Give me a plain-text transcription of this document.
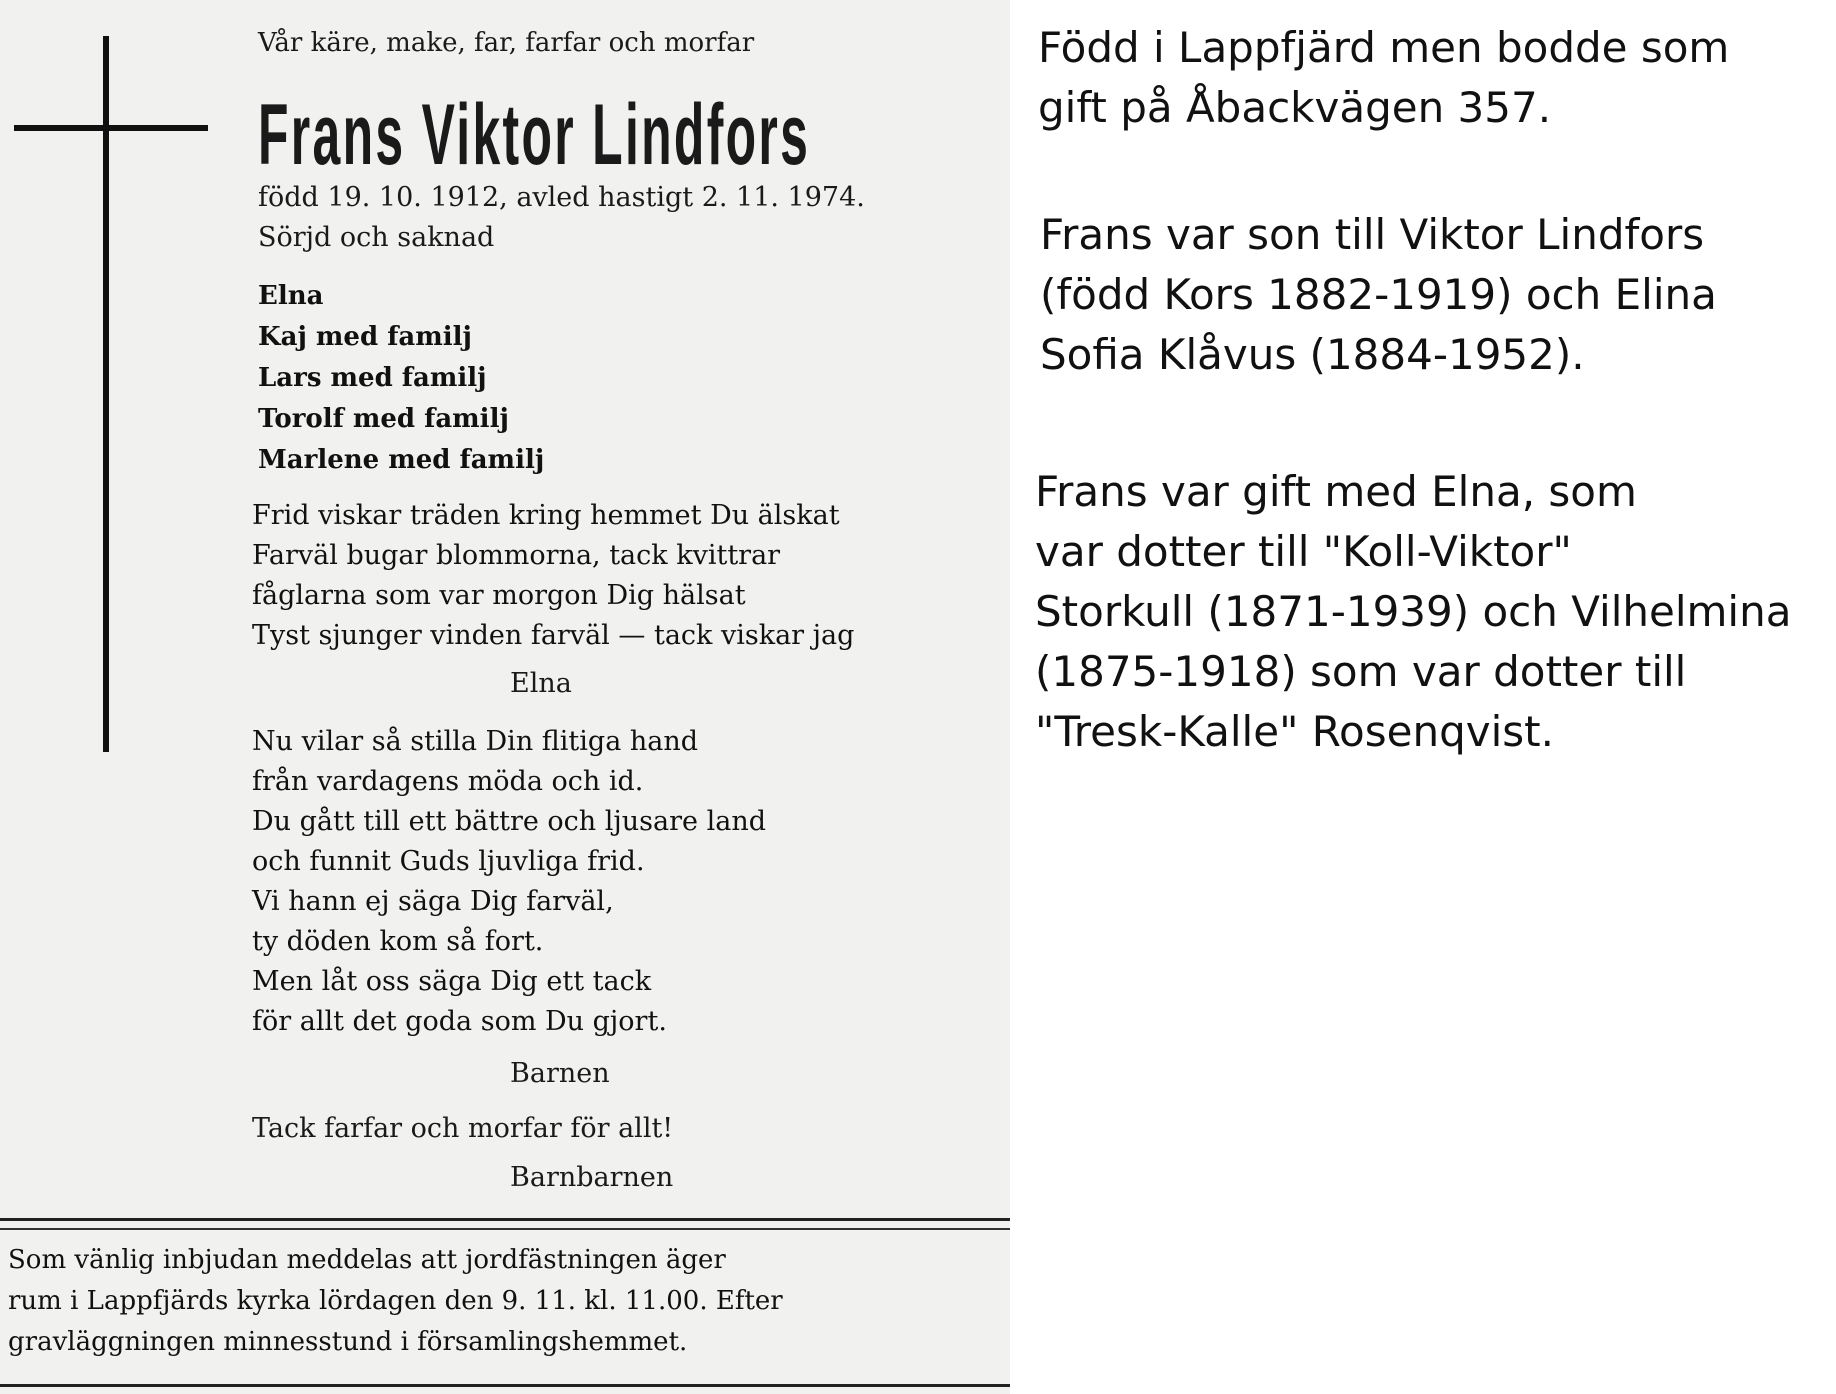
Vår käre, make, far, farfar och morfar
Frans Viktor Lindfors
född 19. 10. 1912, avled hastigt 2. 11. 1974.
Sörjd och saknad
Elna
Kaj med familj
Lars med familj
Torolf med familj
Marlene med familj
Frid viskar träden kring hemmet Du älskat
Farväl bugar blommorna, tack kvittrar
fåglarna som var morgon Dig hälsat
Tyst sjunger vinden farväl — tack viskar jag
Elna
Nu vilar så stilla Din flitiga hand
från vardagens möda och id.
Du gått till ett bättre och ljusare land
och funnit Guds ljuvliga frid.
Vi hann ej säga Dig farväl,
ty döden kom så fort.
Men låt oss säga Dig ett tack
för allt det goda som Du gjort.
Barnen
Tack farfar och morfar för allt!
Barnbarnen
Som vänlig inbjudan meddelas att jordfästningen äger
rum i Lappfjärds kyrka lördagen den 9. 11. kl. 11.00. Efter
gravläggningen minnesstund i församlingshemmet.
Född i Lappfjärd men bodde som
gift på Åbackvägen 357.
Frans var son till Viktor Lindfors
(född Kors 1882-1919) och Elina
Sofia Klåvus (1884-1952).
Frans var gift med Elna, som
var dotter till "Koll-Viktor"
Storkull (1871-1939) och Vilhelmina
(1875-1918) som var dotter till
"Tresk-Kalle" Rosenqvist.
